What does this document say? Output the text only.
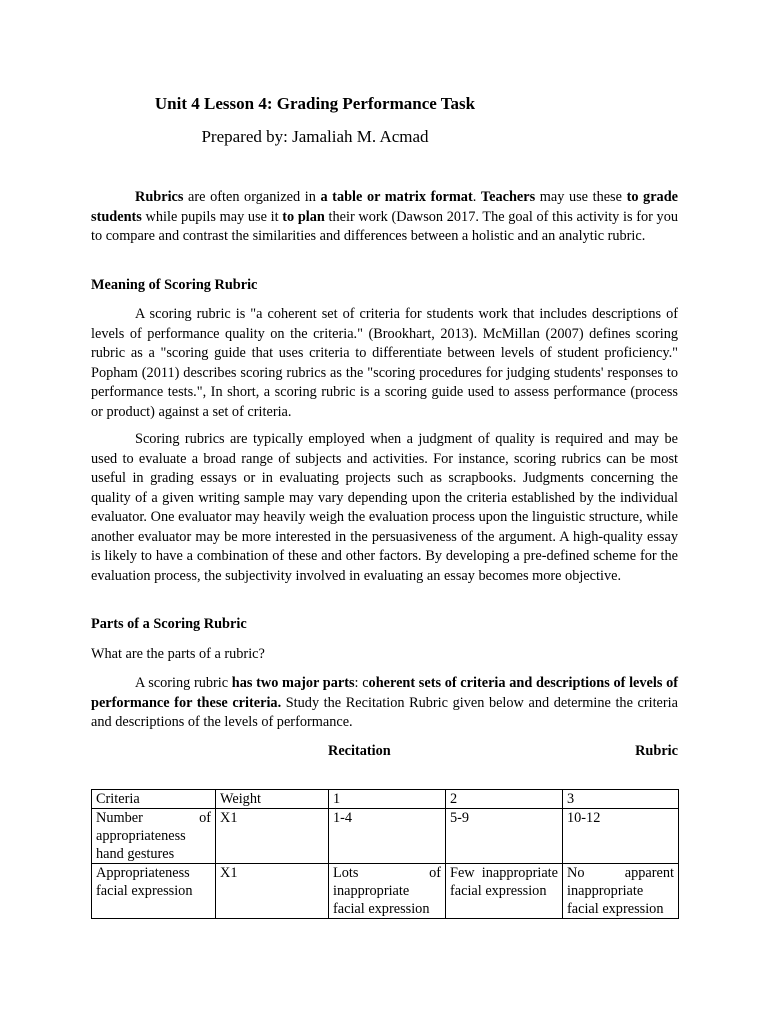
Unit 4 Lesson 4: Grading Performance Task
Prepared by: Jamaliah M. Acmad

Rubrics are often organized in a table or matrix format. Teachers may use these to grade students while pupils may use it to plan their work (Dawson 2017. The goal of this activity is for you to compare and contrast the similarities and differences between a holistic and an analytic rubric.

Meaning of Scoring Rubric

A scoring rubric is "a coherent set of criteria for students work that includes descriptions of levels of performance quality on the criteria." (Brookhart, 2013). McMillan (2007) defines scoring rubric as a "scoring guide that uses criteria to differentiate between levels of student proficiency." Popham (2011) describes scoring rubrics as the "scoring procedures for judging students' responses to performance tests.", In short, a scoring rubric is a scoring guide used to assess performance (process or product) against a set of criteria.

Scoring rubrics are typically employed when a judgment of quality is required and may be used to evaluate a broad range of subjects and activities. For instance, scoring rubrics can be most useful in grading essays or in evaluating projects such as scrapbooks. Judgments concerning the quality of a given writing sample may vary depending upon the criteria established by the individual evaluator. One evaluator may heavily weigh the evaluation process upon the linguistic structure, while another evaluator may be more interested in the persuasiveness of the argument. A high-quality essay is likely to have a combination of these and other factors. By developing a pre-defined scheme for the evaluation process, the subjectivity involved in evaluating an essay becomes more objective.

Parts of a Scoring Rubric
What are the parts of a rubric?

A scoring rubric has two major parts: coherent sets of criteria and descriptions of levels of performance for these criteria. Study the Recitation Rubric given below and determine the criteria and descriptions of the levels of performance.

Recitation	Rubric
Criteria	Weight	1	2	3
Number of appropriateness hand gestures	X1	1-4	5-9	10-12
Appropriateness facial expression	X1	Lots of inappropriate facial expression	Few inappropriate facial expression	No apparent inappropriate facial expression
